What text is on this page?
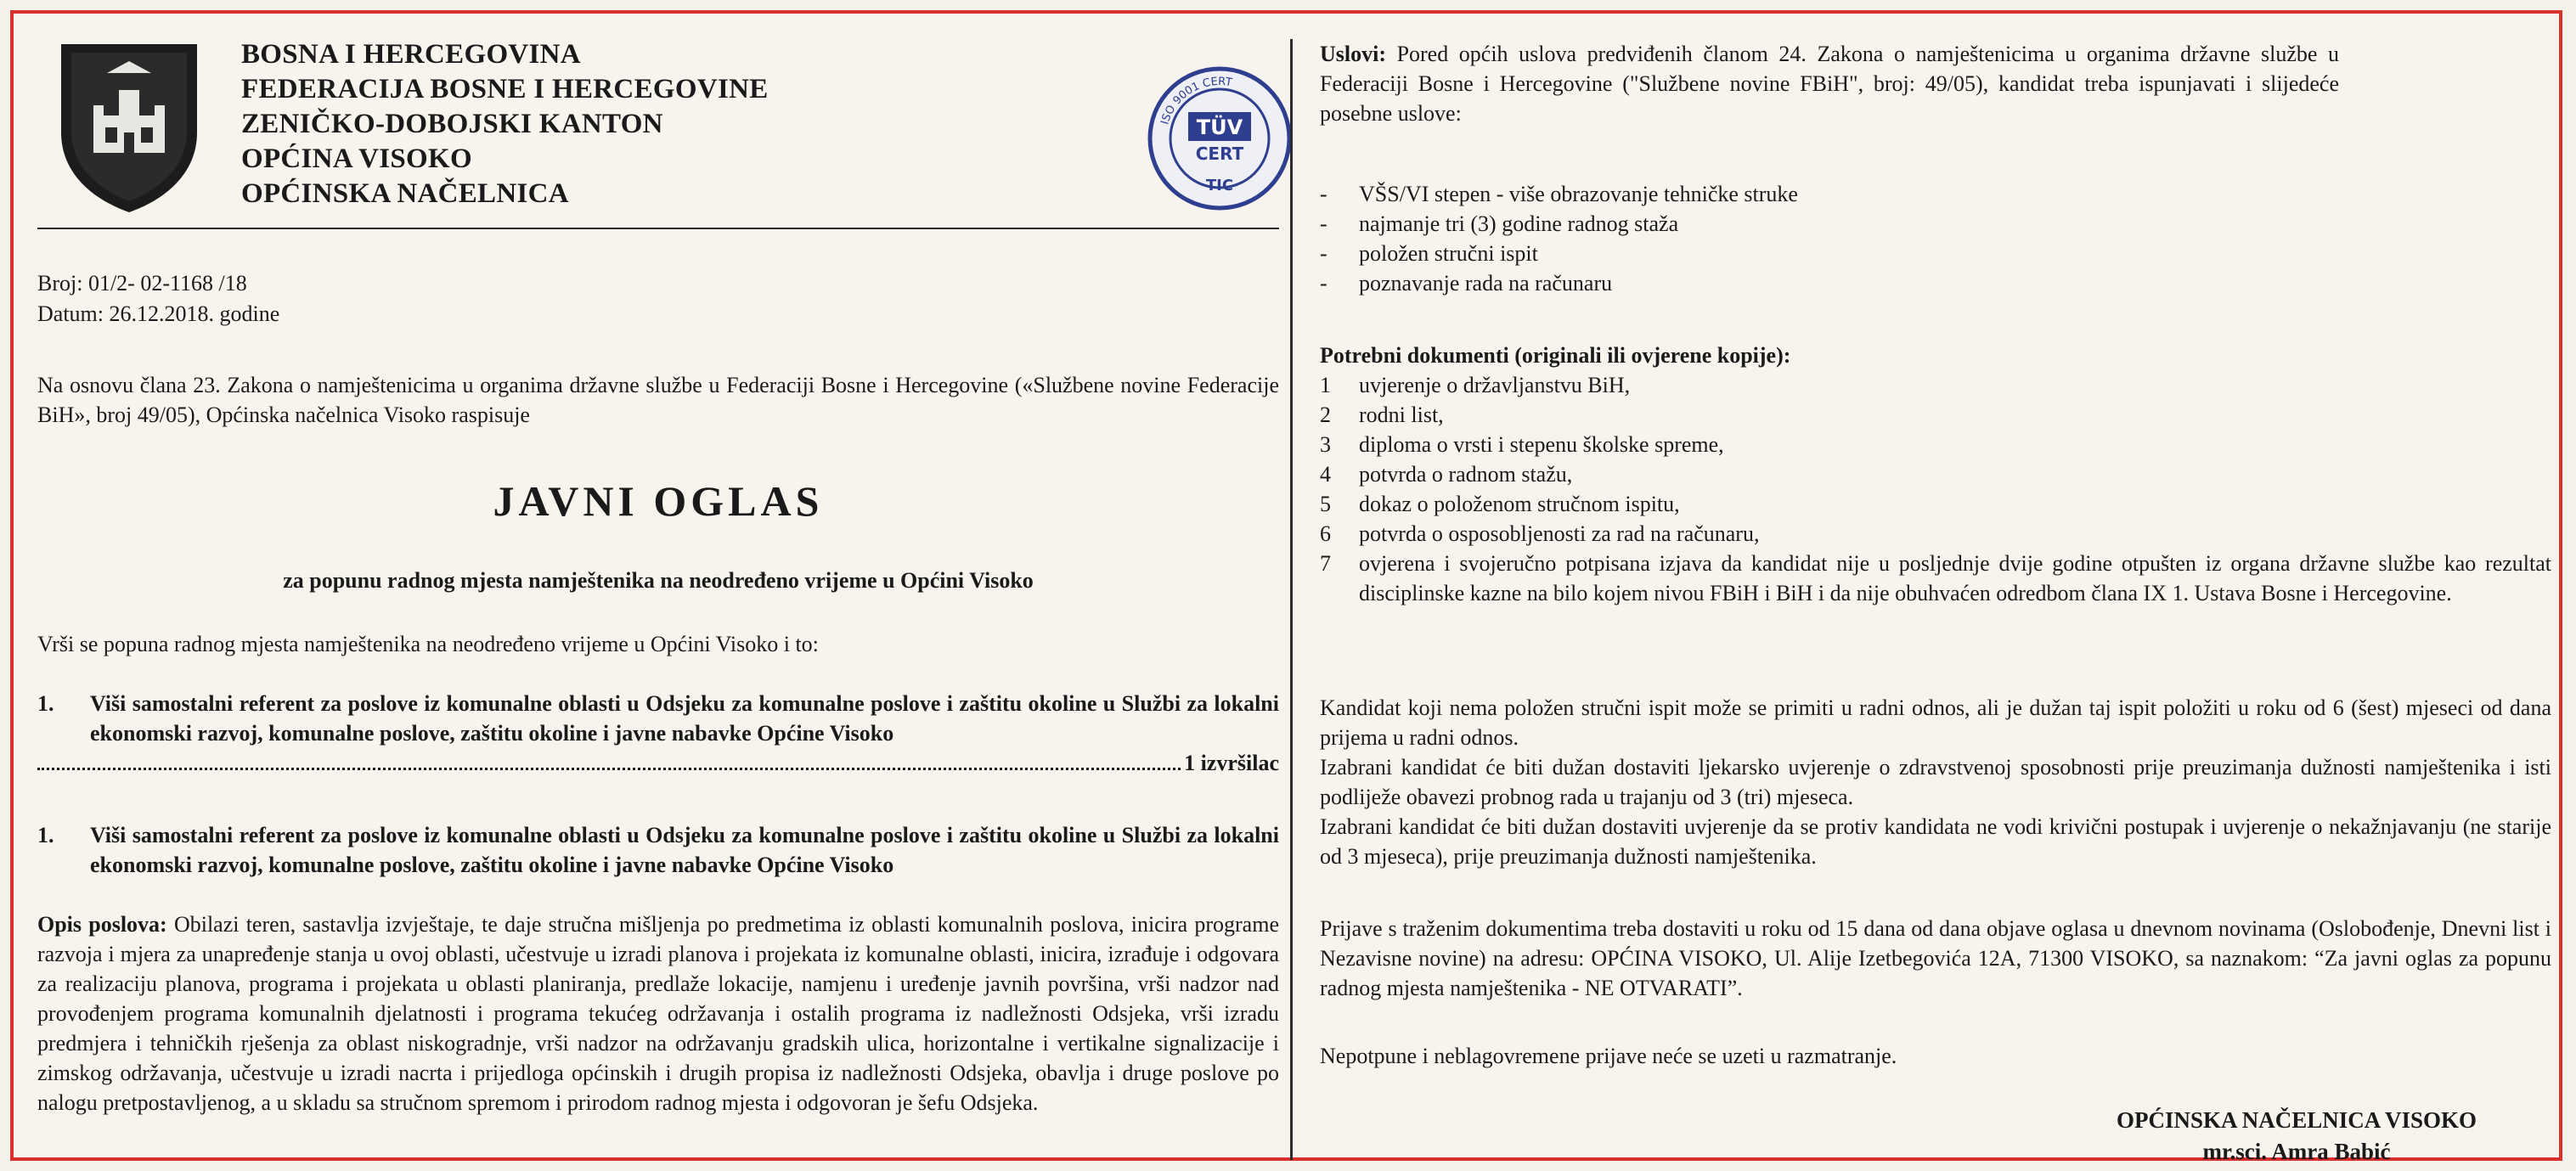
BOSNA I HERCEGOVINA
FEDERACIJA BOSNE I HERCEGOVINE
ZENIČKO-DOBOJSKI KANTON
OPĆINA VISOKO
OPĆINSKA NAČELNICA
ISO 9001 CERT
TÜV
CERT
TIC

Broj: 01/2- 02-1168 /18

Datum: 26.12.2018. godine

Na osnovu člana 23. Zakona o namještenicima u organima državne službe u Federaciji Bosne i Hercegovine («Službene novine Federacije BiH», broj 49/05), Općinska načelnica Visoko raspisuje

JAVNI OGLAS

za popunu radnog mjesta namještenika na neodređeno vrijeme u Općini Visoko

Vrši se popuna radnog mjesta namještenika na neodređeno vrijeme u Općini Visoko i to:

1.	Viši samostalni referent za poslove iz komunalne oblasti u Odsjeku za komunalne poslove i zaštitu okoline u Službi za lokalni ekonomski razvoj, komunalne poslove, zaštitu okoline i javne nabavke Općine Visoko
1 izvršilac
1.	Viši samostalni referent za poslove iz komunalne oblasti u Odsjeku za komunalne poslove i zaštitu okoline u Službi za lokalni ekonomski razvoj, komunalne poslove, zaštitu okoline i javne nabavke Općine Visoko

Opis poslova: Obilazi teren, sastavlja izvještaje, te daje stručna mišljenja po predmetima iz oblasti komunalnih poslova, inicira programe razvoja i mjera za unapređenje stanja u ovoj oblasti, učestvuje u izradi planova i projekata iz komunalne oblasti, inicira, izrađuje i odgovara za realizaciju planova, programa i projekata u oblasti planiranja, predlaže lokacije, namjenu i uređenje javnih površina, vrši nadzor nad provođenjem programa komunalnih djelatnosti i programa tekućeg održavanja i ostalih programa iz nadležnosti Odsjeka, vrši izradu predmjera i tehničkih rješenja za oblast niskogradnje, vrši nadzor na održavanju gradskih ulica, horizontalne i vertikalne signalizacije i zimskog održavanja, učestvuje u izradi nacrta i prijedloga općinskih i drugih propisa iz nadležnosti Odsjeka, obavlja i druge poslove po nalogu pretpostavljenog, a u skladu sa stručnom spremom i prirodom radnog mjesta i odgovoran je šefu Odsjeka.

Uslovi: Pored općih uslova predviđenih članom 24. Zakona o namještenicima u organima državne službe u Federaciji Bosne i Hercegovine ("Službene novine FBiH", broj: 49/05), kandidat treba ispunjavati i slijedeće posebne uslove:

-	VŠS/VI stepen - više obrazovanje tehničke struke
-	najmanje tri (3) godine radnog staža
-	položen stručni ispit
-	poznavanje rada na računaru

Potrebni dokumenti (originali ili ovjerene kopije):

1	uvjerenje o državljanstvu BiH,
2	rodni list,
3	diploma o vrsti i stepenu školske spreme,
4	potvrda o radnom stažu,
5	dokaz o položenom stručnom ispitu,
6	potvrda o osposobljenosti za rad na računaru,
7	ovjerena i svojeručno potpisana izjava da kandidat nije u posljednje dvije godine otpušten iz organa državne službe kao rezultat disciplinske kazne na bilo kojem nivou FBiH i BiH i da nije obuhvaćen odredbom člana IX 1. Ustava Bosne i Hercegovine.

Kandidat koji nema položen stručni ispit može se primiti u radni odnos, ali je dužan taj ispit položiti u roku od 6 (šest) mjeseci od dana prijema u radni odnos.

Izabrani kandidat će biti dužan dostaviti ljekarsko uvjerenje o zdravstvenoj sposobnosti prije preuzimanja dužnosti namještenika i isti podliježe obavezi probnog rada u trajanju od 3 (tri) mjeseca.

Izabrani kandidat će biti dužan dostaviti uvjerenje da se protiv kandidata ne vodi krivični postupak i uvjerenje o nekažnjavanju (ne starije od 3 mjeseca), prije preuzimanja dužnosti namještenika.

Prijave s traženim dokumentima treba dostaviti u roku od 15 dana od dana objave oglasa u dnevnom novinama (Oslobođenje, Dnevni list i Nezavisne novine) na adresu: OPĆINA VISOKO, Ul. Alije Izetbegovića 12A, 71300 VISOKO, sa naznakom: “Za javni oglas za popunu radnog mjesta namještenika - NE OTVARATI”.

Nepotpune i neblagovremene prijave neće se uzeti u razmatranje.

OPĆINSKA NAČELNICA VISOKO
mr.sci. Amra Babić
